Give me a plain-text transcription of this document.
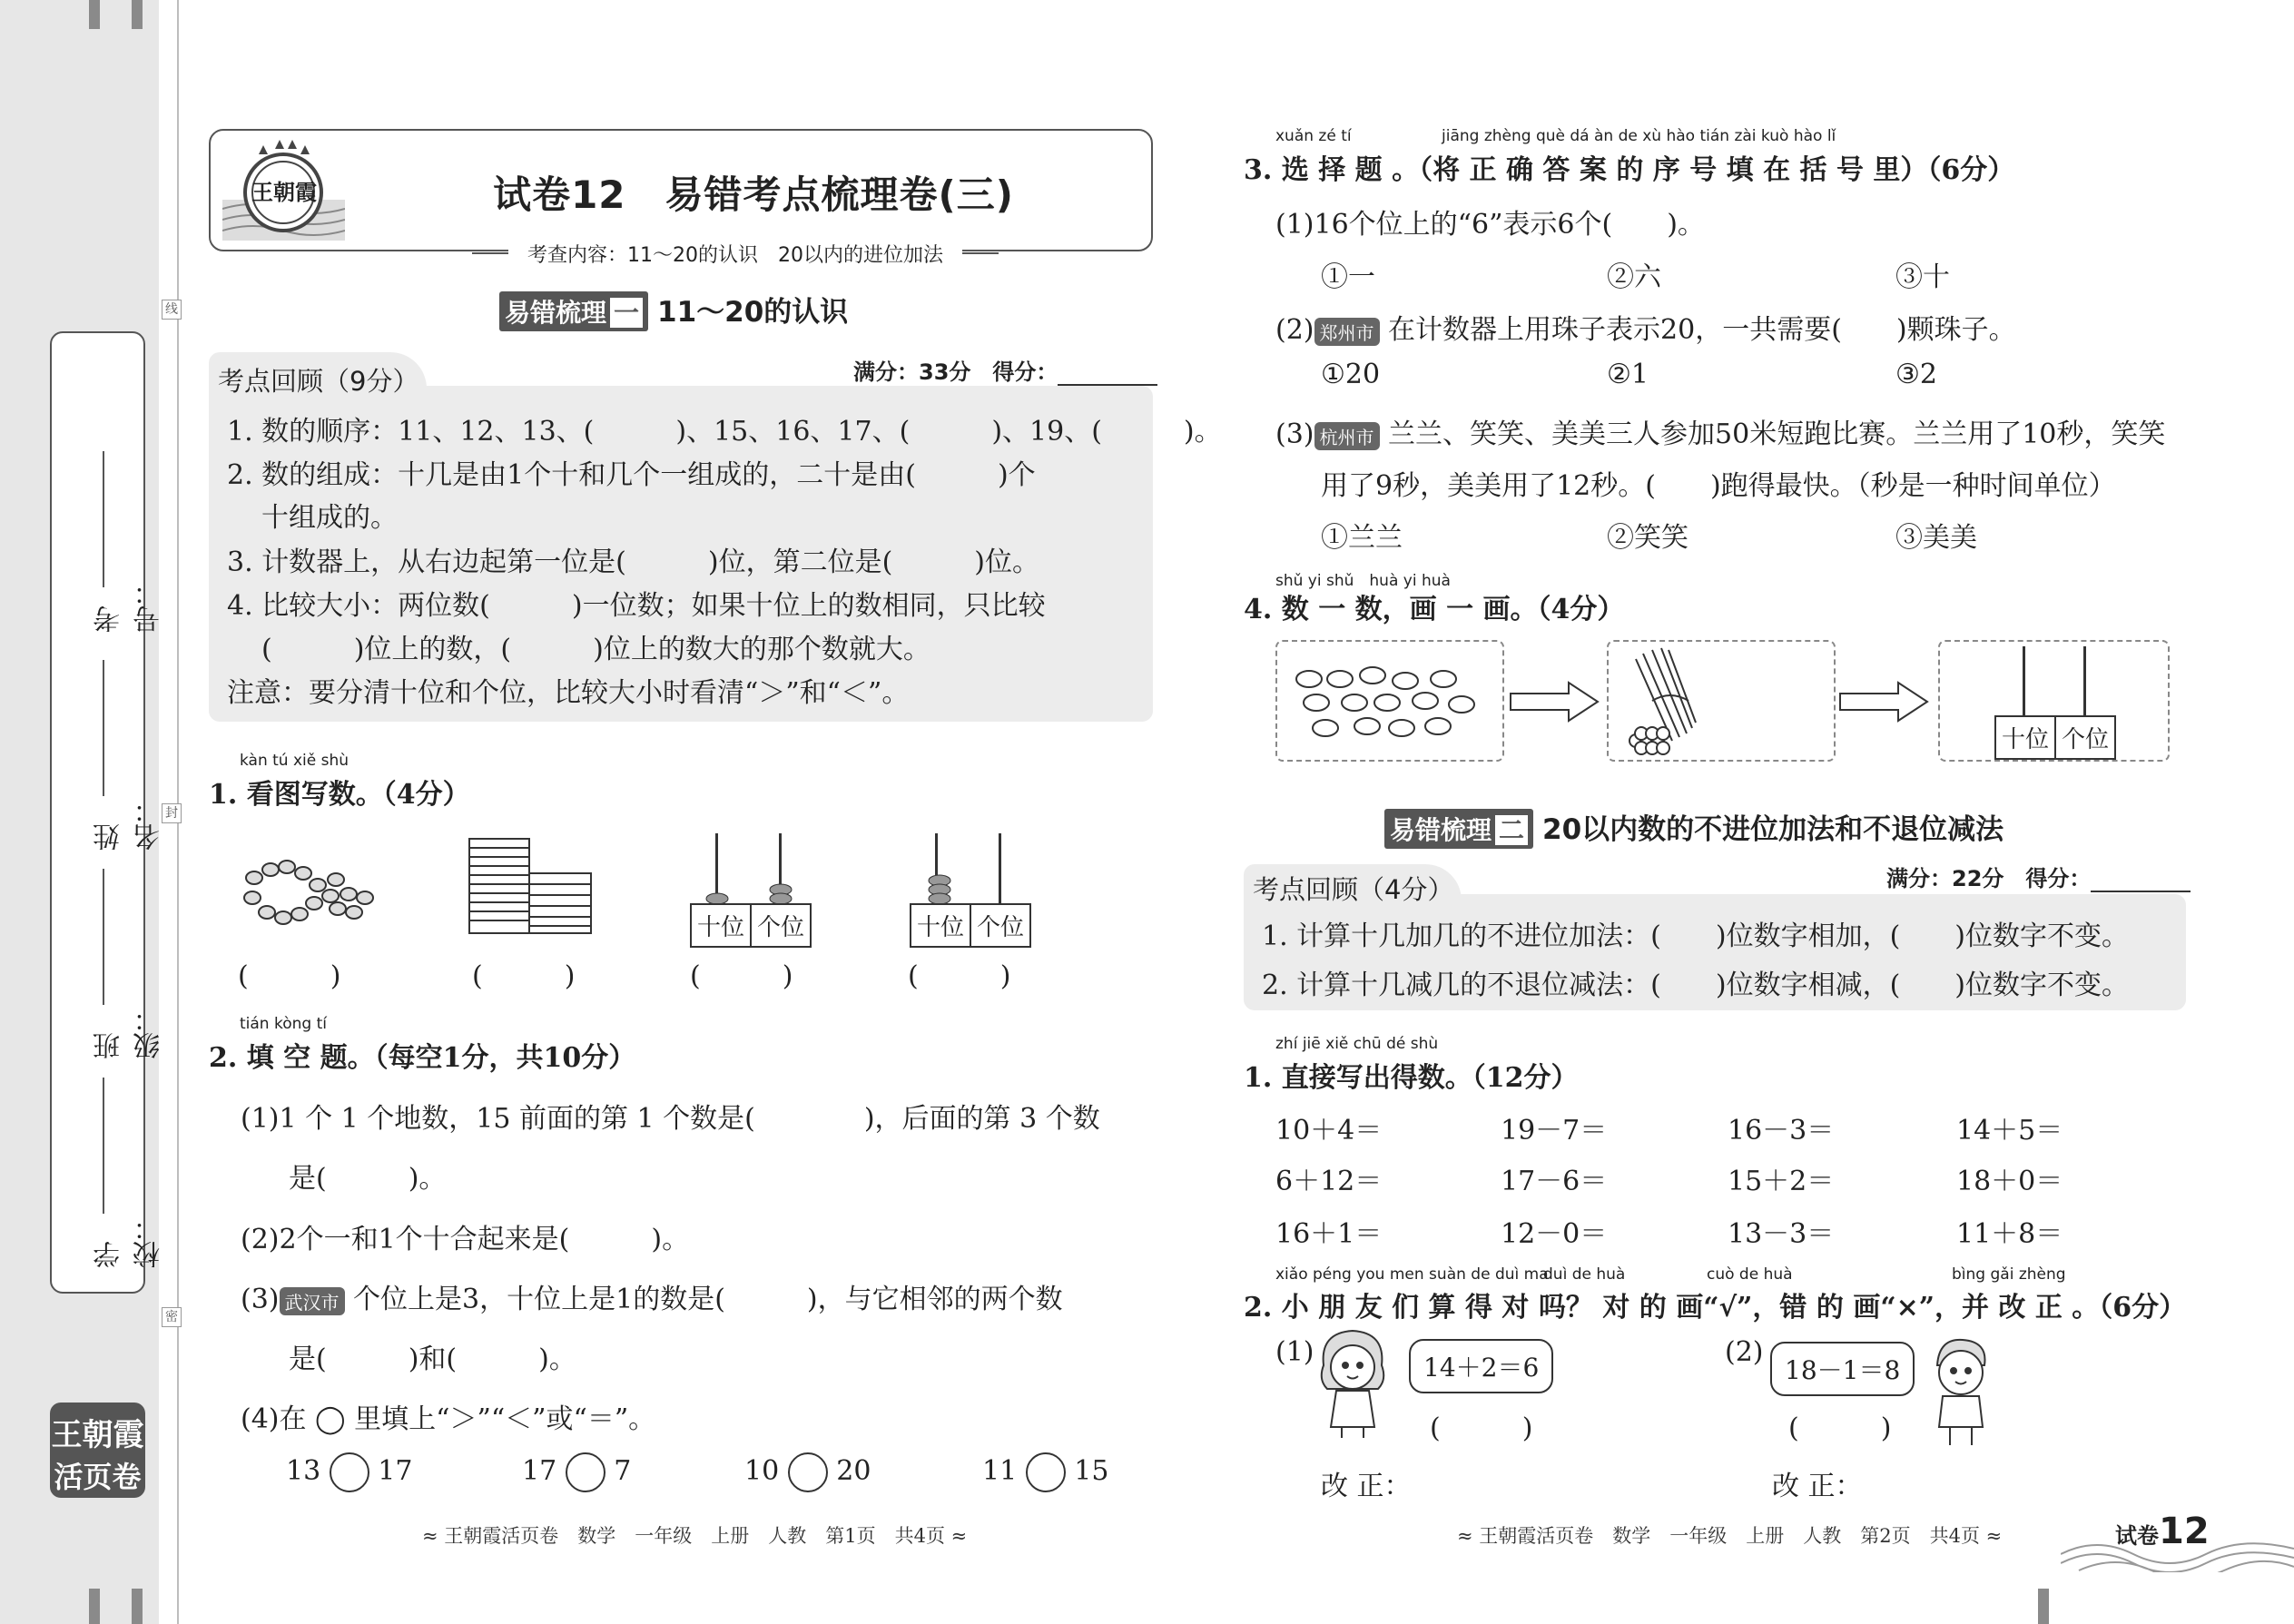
线
封
密
学校：
班级：
姓名：
考号：
王朝霞
活页卷
王朝霞	试卷12　易错考点梳理卷(三)
考查内容：11～20的认识　20以内的进位加法
易错梳理 一 11～20的认识
考点回顾（9分）	满分：33分　得分：
1. 数的顺序：11、12、13、(　　　)、15、16、17、(　　　)、19、(　　　)。
2. 数的组成：十几是由1个十和几个一组成的，二十是由(　　　)个
十组成的。
3. 计数器上，从右边起第一位是(　　　)位，第二位是(　　　)位。
4. 比较大小：两位数(　　　)一位数；如果十位上的数相同，只比较
(　　　)位上的数，(　　　)位上的数大的那个数就大。
注意：要分清十位和个位，比较大小时看清“＞”和“＜”。
kàn tú xiě shù
1. 看图写数。（4分）
十位 个位	十位 个位
(　　　)	(　　　)	(　　　)	(　　　)
tián kòng tí
2. 填 空 题。（每空1分，共10分）
(1)1 个 1 个地数，15 前面的第 1 个数是(　　　　)，后面的第 3 个数
是(　　　)。
(2)2个一和1个十合起来是(　　　)。
(3) 武汉市 个位上是3，十位上是1的数是(　　　)，与它相邻的两个数
是(　　　)和(　　　)。
(4)在 ◯ 里填上“＞”“＜”或“＝”。
13 17	17 7	10 20	11 15
≈ 王朝霞活页卷　数学　一年级　上册　人教　第1页　共4页 ≈
xuǎn zé tí	jiāng zhèng què dá àn de xù hào tián zài kuò hào lǐ
3. 选 择 题 。（将 正 确 答 案 的 序 号 填 在 括 号 里）（6分）
(1)16个位上的“6”表示6个(　　)。
①一	②六	③十
(2) 郑州市 在计数器上用珠子表示20，一共需要(　　)颗珠子。
①20	②1	③2
(3) 杭州市 兰兰、笑笑、美美三人参加50米短跑比赛。兰兰用了10秒，笑笑
用了9秒，美美用了12秒。(　　)跑得最快。（秒是一种时间单位）
①兰兰	②笑笑	③美美
shǔ yi shǔ　huà yi huà
4. 数 一 数，画 一 画。（4分）
十位 个位
易错梳理 二 20以内数的不进位加法和不退位减法
考点回顾（4分）	满分：22分　得分：
1. 计算十几加几的不进位加法：(　　)位数字相加，(　　)位数字不变。
2. 计算十几减几的不退位减法：(　　)位数字相减，(　　)位数字不变。
zhí jiē xiě chū dé shù
1. 直接写出得数。（12分）
10＋4＝	19－7＝	16－3＝	14＋5＝
6＋12＝	17－6＝	15＋2＝	18＋0＝
16＋1＝	12－0＝	13－3＝	11＋8＝
xiǎo péng you men suàn de duì ma
duì de huà	cuò de huà	bìng gǎi zhèng
2. 小 朋 友 们 算 得 对 吗？ 对 的 画“√”，错 的 画“×”，并 改 正 。（6分）
(1)	14＋2＝6
(　　　)
改 正：
(2)
18－1＝8
(　　　)
改 正：
≈ 王朝霞活页卷　数学　一年级　上册　人教　第2页　共4页 ≈	试卷12
